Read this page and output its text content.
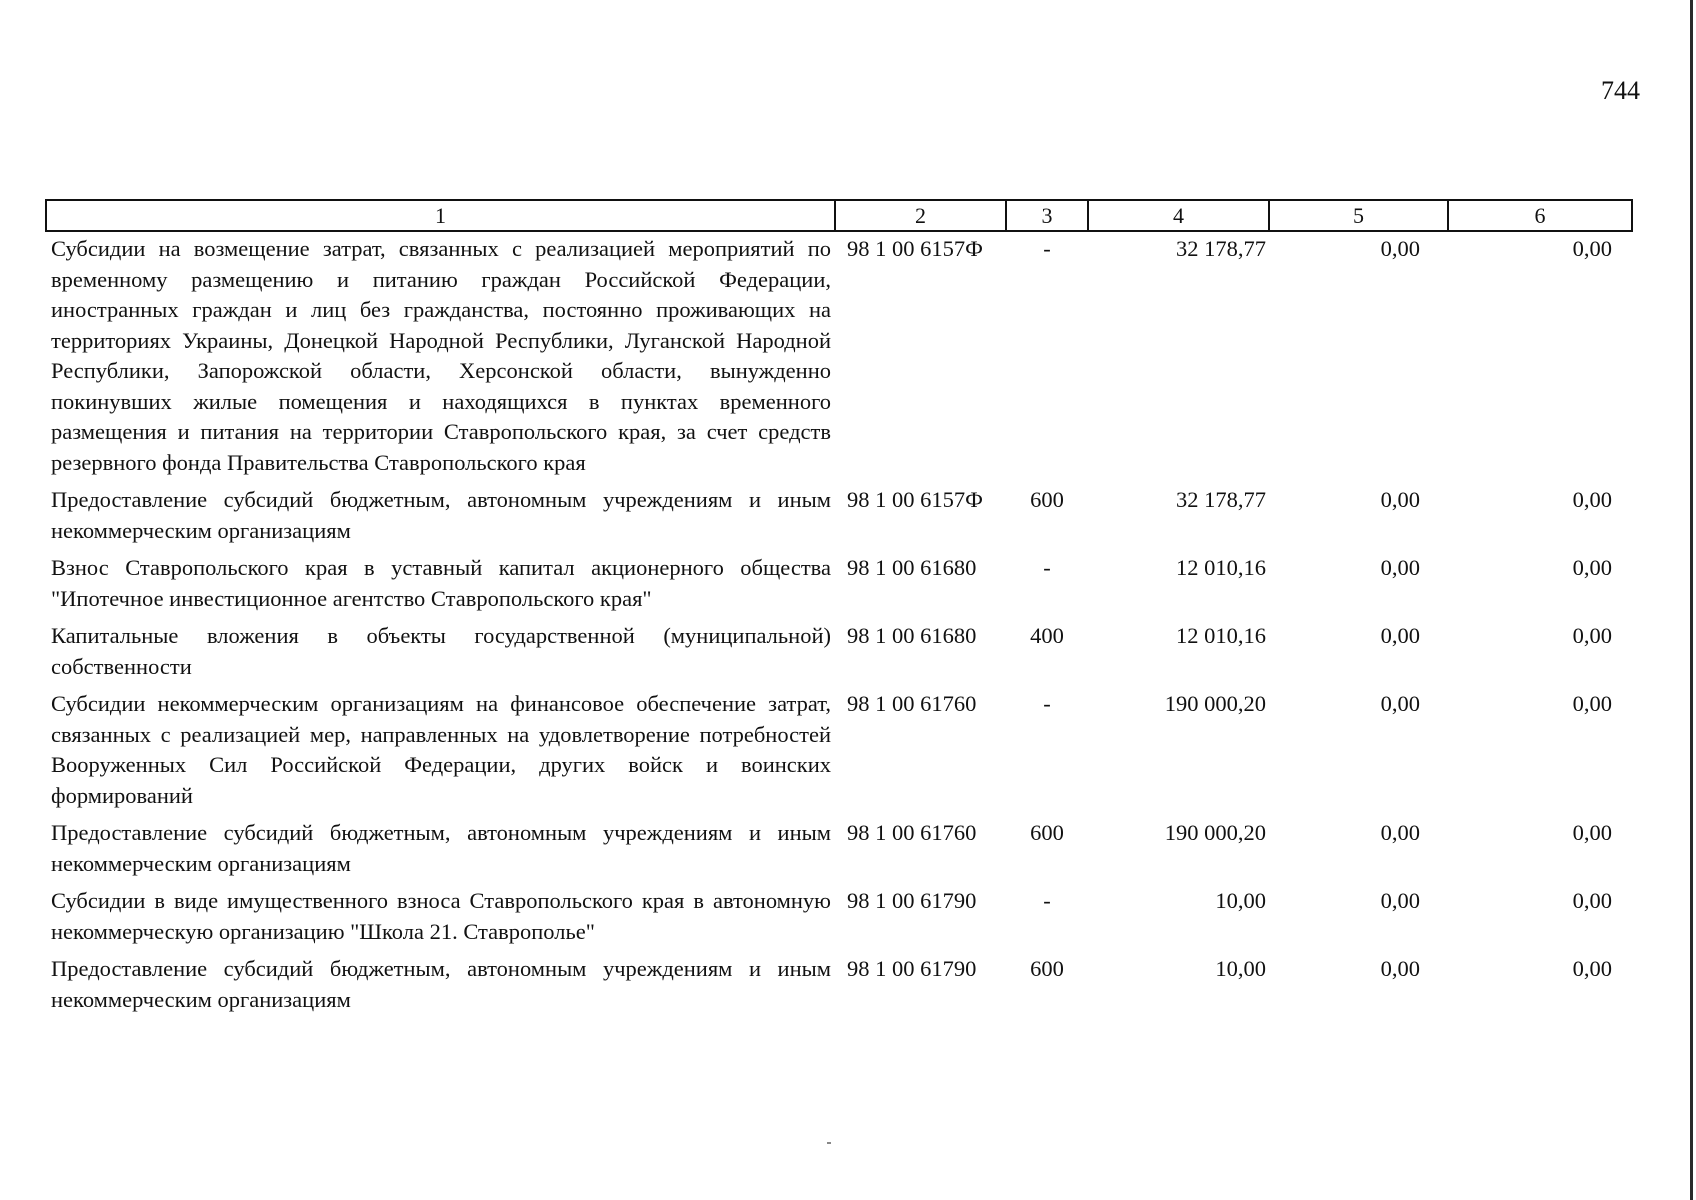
744
1	2	3	4	5	6
Субсидии на возмещение затрат, связанных с реализацией мероприятий по временному размещению и питанию граждан Российской Федерации, иностранных граждан и лиц без гражданства, постоянно проживающих на территориях Украины, Донецкой Народной Республики, Луганской Народной Республики, Запорожской области, Херсонской области, вынужденно покинувших жилые помещения и находящихся в пунктах временного размещения и питания на территории Ставропольского края, за счет средств резервного фонда Правительства Ставропольского края	98 1 00 6157Ф	-	32 178,77	0,00	0,00
Предоставление субсидий бюджетным, автономным учреждениям и иным некоммерческим организациям	98 1 00 6157Ф	600	32 178,77	0,00	0,00
Взнос Ставропольского края в уставный капитал акционерного общества "Ипотечное инвестиционное агентство Ставропольского края"	98 1 00 61680	-	12 010,16	0,00	0,00
Капитальные вложения в объекты государственной (муниципальной) собственности	98 1 00 61680	400	12 010,16	0,00	0,00
Субсидии некоммерческим организациям на финансовое обеспечение затрат, связанных с реализацией мер, направленных на удовлетворение потребностей Вооруженных Сил Российской Федерации, других войск и воинских формирований	98 1 00 61760	-	190 000,20	0,00	0,00
Предоставление субсидий бюджетным, автономным учреждениям и иным некоммерческим организациям	98 1 00 61760	600	190 000,20	0,00	0,00
Субсидии в виде имущественного взноса Ставропольского края в автономную некоммерческую организацию "Школа 21. Ставрополье"	98 1 00 61790	-	10,00	0,00	0,00
Предоставление субсидий бюджетным, автономным учреждениям и иным некоммерческим организациям	98 1 00 61790	600	10,00	0,00	0,00
